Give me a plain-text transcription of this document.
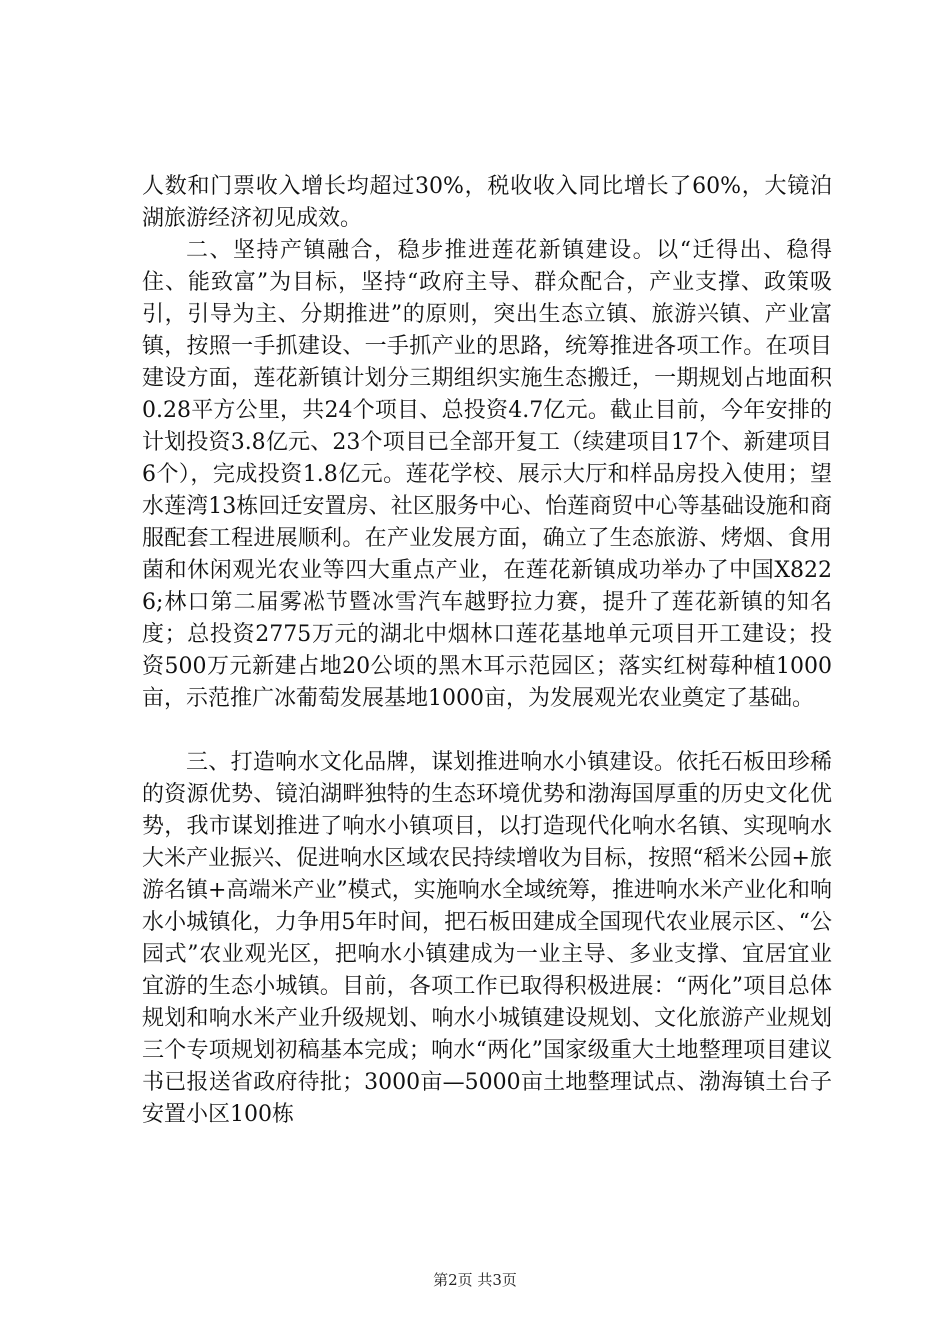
人数和门票收入增长均超过30%，税收收入同比增长了60%，大镜泊湖旅游经济初见成效。

二、坚持产镇融合，稳步推进莲花新镇建设。以“迁得出、稳得住、能致富”为目标，坚持“政府主导、群众配合，产业支撑、政策吸引，引导为主、分期推进”的原则，突出生态立镇、旅游兴镇、产业富镇，按照一手抓建设、一手抓产业的思路，统筹推进各项工作。在项目建设方面，莲花新镇计划分三期组织实施生态搬迁，一期规划占地面积0.28平方公里，共24个项目、总投资4.7亿元。截止目前，今年安排的计划投资3.8亿元、23个项目已全部开复工（续建项目17个、新建项目6个），完成投资1.8亿元。莲花学校、展示大厅和样品房投入使用；望水莲湾13栋回迁安置房、社区服务中心、怡莲商贸中心等基础设施和商服配套工程进展顺利。在产业发展方面，确立了生态旅游、烤烟、食用菌和休闲观光农业等四大重点产业，在莲花新镇成功举办了中国X8226;林口第二届雾凇节暨冰雪汽车越野拉力赛，提升了莲花新镇的知名度；总投资2775万元的湖北中烟林口莲花基地单元项目开工建设；投资500万元新建占地20公顷的黑木耳示范园区；落实红树莓种植1000亩，示范推广冰葡萄发展基地1000亩，为发展观光农业奠定了基础。

三、打造响水文化品牌，谋划推进响水小镇建设。依托石板田珍稀的资源优势、镜泊湖畔独特的生态环境优势和渤海国厚重的历史文化优势，我市谋划推进了响水小镇项目，以打造现代化响水名镇、实现响水大米产业振兴、促进响水区域农民持续增收为目标，按照“稻米公园+旅游名镇+高端米产业”模式，实施响水全域统筹，推进响水米产业化和响水小城镇化，力争用5年时间，把石板田建成全国现代农业展示区、“公园式”农业观光区，把响水小镇建成为一业主导、多业支撑、宜居宜业宜游的生态小城镇。目前，各项工作已取得积极进展：“两化”项目总体规划和响水米产业升级规划、响水小城镇建设规划、文化旅游产业规划三个专项规划初稿基本完成；响水“两化”国家级重大土地整理项目建议书已报送省政府待批；3000亩—5000亩土地整理试点、渤海镇土台子安置小区100栋

第2页 共3页
